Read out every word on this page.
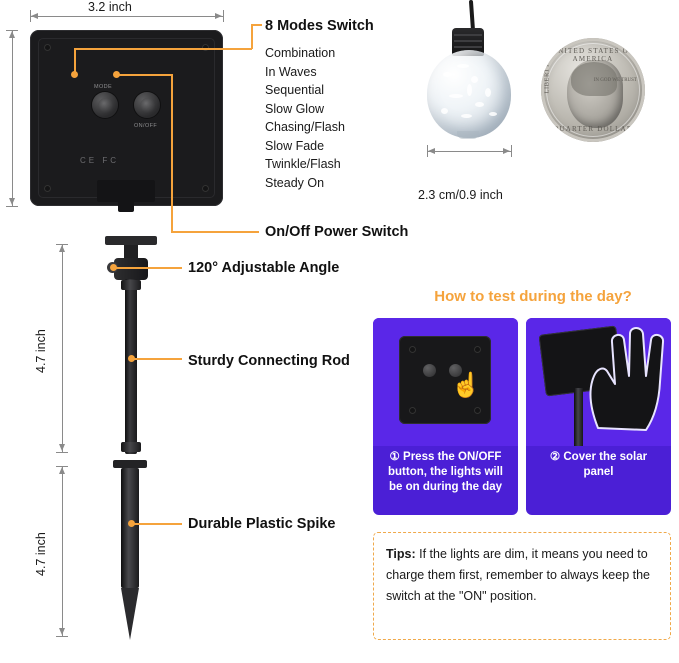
MODE
ON/OFF
CE FC
3.2 inch
8 Modes Switch
Combination
In Waves
Sequential
Slow Glow
Chasing/Flash
Slow Fade
Twinkle/Flash
Steady On
On/Off Power Switch
2.3 cm/0.9 inch
UNITED STATES OF AMERICA
QUARTER DOLLAR
LIBERTY	IN GOD WE TRUST
4.7 inch
120° Adjustable Angle
Sturdy Connecting Rod
4.7 inch
Durable Plastic Spike
How to test during the day?
☝
① Press the ON/OFF button, the lights will be on during the day
② Cover the solar panel
Tips: If the lights are dim, it means you need to charge them first, remember to always keep the switch at the "ON" position.
